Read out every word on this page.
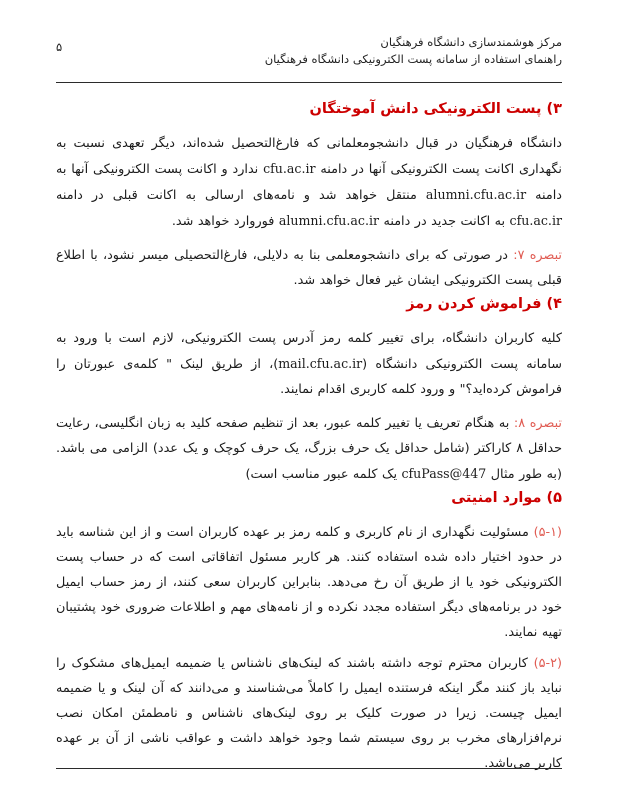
۵	مرکز هوشمندسازی دانشگاه فرهنگیان
راهنمای استفاده از سامانه پست الکترونیکی دانشگاه فرهنگیان
۳) پست الکترونیکی دانش آموختگان

دانشگاه فرهنگیان در قبال دانشجومعلمانی که فارغ‌التحصیل شده‌اند، دیگر تعهدی نسبت به نگهداری اکانت پست الکترونیکی آنها در دامنه cfu.ac.ir ندارد و اکانت پست الکترونیکی آنها به دامنه alumni.cfu.ac.ir منتقل خواهد شد و نامه‌های ارسالی به اکانت قبلی در دامنه cfu.ac.ir به اکانت جدید در دامنه alumni.cfu.ac.ir فوروارد خواهد شد.

تبصره ۷: در صورتی که برای دانشجومعلمی بنا به دلایلی، فارغ‌التحصیلی میسر نشود، با اطلاع قبلی پست الکترونیکی ایشان غیر فعال خواهد شد.

۴) فراموش کردن رمز

کلیه کاربران دانشگاه، برای تغییر کلمه رمز آدرس پست الکترونیکی، لازم است با ورود به سامانه پست الکترونیکی دانشگاه (mail.cfu.ac.ir)، از طریق لینک " کلمه‌ی عبورتان را فراموش کرده‌اید؟" و ورود کلمه کاربری اقدام نمایند.

تبصره ۸: به هنگام تعریف یا تغییر کلمه عبور، بعد از تنظیم صفحه کلید به زبان انگلیسی، رعایت حداقل ۸ کاراکتر (شامل حداقل یک حرف بزرگ، یک حرف کوچک و یک عدد) الزامی می باشد. (به طور مثال cfuPass@447 یک کلمه عبور مناسب است)

۵) موارد امنیتی

(۵-۱) مسئولیت نگهداری از نام کاربری و کلمه رمز بر عهده کاربران است و از این شناسه باید در حدود اختیار داده شده استفاده کنند. هر کاربر مسئول اتفاقاتی است که در حساب پست الکترونیکی خود یا از طریق آن رخ می‌دهد. بنابراین کاربران سعی کنند، از رمز حساب ایمیل خود در برنامه‌های دیگر استفاده مجدد نکرده و از نامه‌های مهم و اطلاعات ضروری خود پشتیبان تهیه نمایند.

(۵-۲) کاربران محترم توجه داشته باشند که لینک‌های ناشناس یا ضمیمه ایمیل‌های مشکوک را نباید باز کنند مگر اینکه فرستنده ایمیل را کاملاً می‌شناسند و می‌دانند که آن لینک و یا ضمیمه ایمیل چیست. زیرا در صورت کلیک بر روی لینک‌های ناشناس و نامطمئن امکان نصب نرم‌افزارهای مخرب بر روی سیستم شما وجود خواهد داشت و عواقب ناشی از آن بر عهده کاربر می‌باشد.
